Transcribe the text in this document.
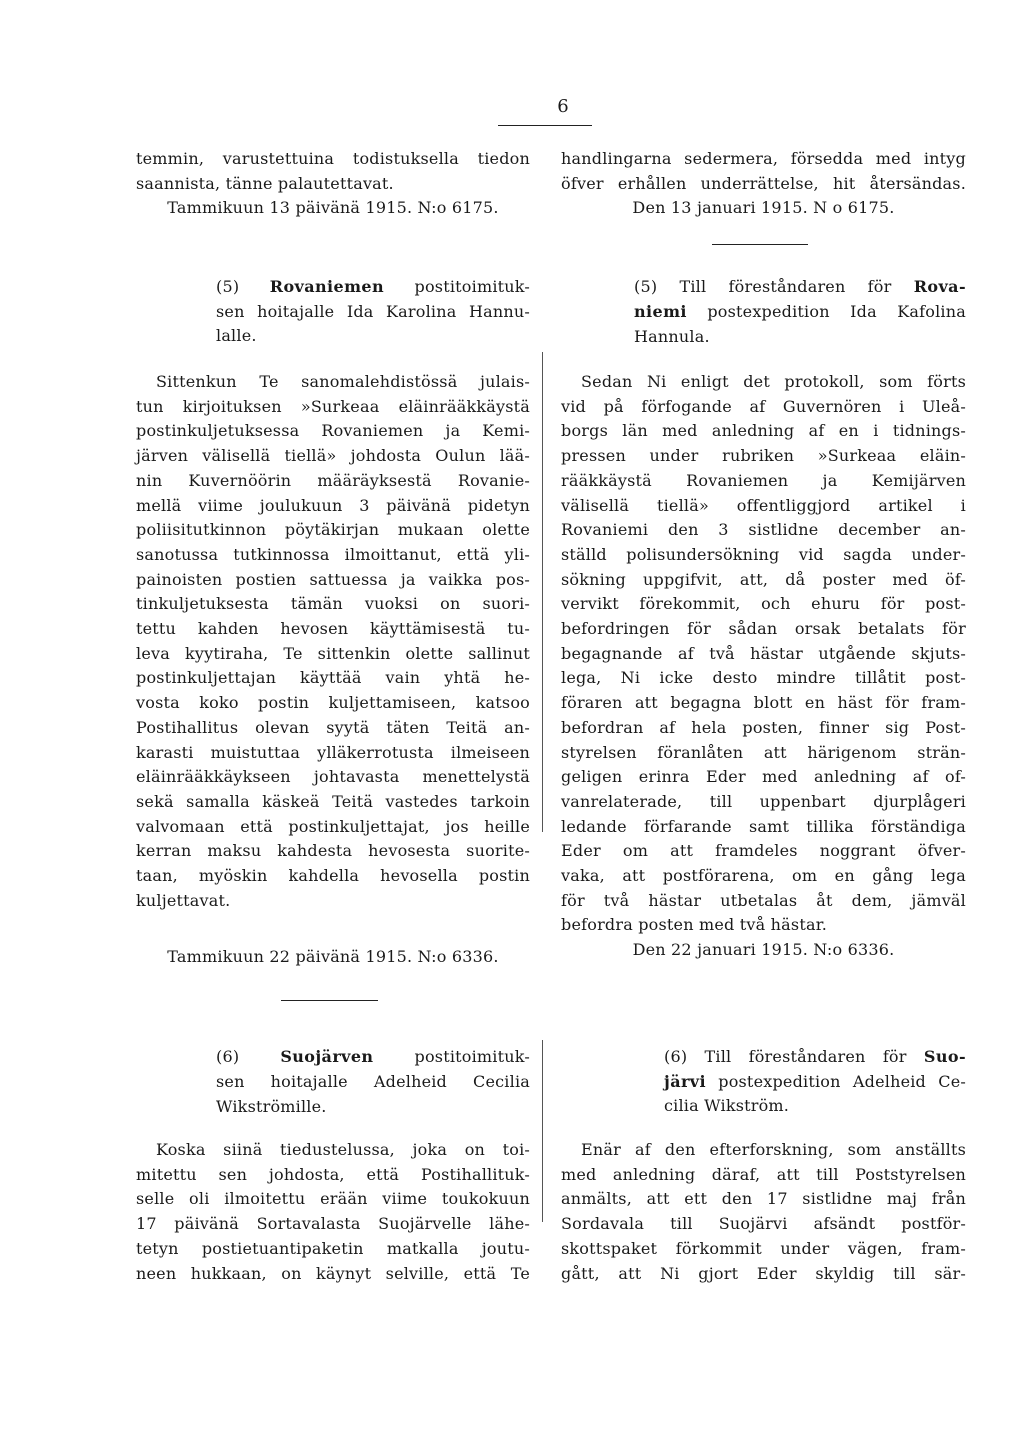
6
temmin, varustettuina todistuksella tiedon
saannista, tänne palautettavat.
Tammikuun 13 päivänä 1915. N:o 6175.
handlingarna sedermera, försedda med intyg
öfver erhållen underrättelse, hit återsändas.
Den 13 januari 1915. N o 6175.
(5) Rovaniemen postitoimituk-
sen hoitajalle Ida Karolina Hannu-
lalle.
(5) Till föreståndaren för Rova-
niemi postexpedition Ida Kafolina
Hannula.
Sittenkun Te sanomalehdistössä julais-
tun kirjoituksen »Surkeaa eläinrääkkäystä
postinkuljetuksessa Rovaniemen ja Kemi-
järven välisellä tiellä» johdosta Oulun lää-
nin Kuvernöörin määräyksestä Rovanie-
mellä viime joulukuun 3 päivänä pidetyn
poliisitutkinnon pöytäkirjan mukaan olette
sanotussa tutkinnossa ilmoittanut, että yli-
painoisten postien sattuessa ja vaikka pos-
tinkuljetuksesta tämän vuoksi on suori-
tettu kahden hevosen käyttämisestä tu-
leva kyytiraha, Te sittenkin olette sallinut
postinkuljettajan käyttää vain yhtä he-
vosta koko postin kuljettamiseen, katsoo
Postihallitus olevan syytä täten Teitä an-
karasti muistuttaa ylläkerrotusta ilmeiseen
eläinrääkkäykseen johtavasta menettelystä
sekä samalla käskeä Teitä vastedes tarkoin
valvomaan että postinkuljettajat, jos heille
kerran maksu kahdesta hevosesta suorite-
taan, myöskin kahdella hevosella postin
kuljettavat.
Tammikuun 22 päivänä 1915. N:o 6336.
Sedan Ni enligt det protokoll, som förts
vid på förfogande af Guvernören i Uleå-
borgs län med anledning af en i tidnings-
pressen under rubriken »Surkeaa eläin-
rääkkäystä Rovaniemen ja Kemijärven
välisellä tiellä» offentliggjord artikel i
Rovaniemi den 3 sistlidne december an-
ställd polisundersökning vid sagda under-
sökning uppgifvit, att, då poster med öf-
vervikt förekommit, och ehuru för post-
befordringen för sådan orsak betalats för
begagnande af två hästar utgående skjuts-
lega, Ni icke desto mindre tillåtit post-
föraren att begagna blott en häst för fram-
befordran af hela posten, finner sig Post-
styrelsen föranlåten att härigenom strän-
geligen erinra Eder med anledning af of-
vanrelaterade, till uppenbart djurplågeri
ledande förfarande samt tillika förständiga
Eder om att framdeles noggrant öfver-
vaka, att postförarena, om en gång lega
för två hästar utbetalas åt dem, jämväl
befordra posten med två hästar.
Den 22 januari 1915. N:o 6336.
(6)	Suojärven	postitoimituk-
sen hoitajalle Adelheid Cecilia
Wikströmille.
(6) Till föreståndaren för Suo-
järvi postexpedition Adelheid Ce-
cilia Wikström.
Koska siinä tiedustelussa, joka on toi-
mitettu sen johdosta, että Postihallituk-
selle oli ilmoitettu erään viime toukokuun
17 päivänä Sortavalasta Suojärvelle lähe-
tetyn postietuantipaketin matkalla joutu-
neen hukkaan, on käynyt selville, että Te
Enär af den efterforskning, som anställts
med anledning däraf, att till Poststyrelsen
anmälts, att ett den 17 sistlidne maj från
Sordavala till Suojärvi afsändt postför-
skottspaket förkommit under vägen, fram-
gått, att Ni gjort Eder skyldig till sär-
